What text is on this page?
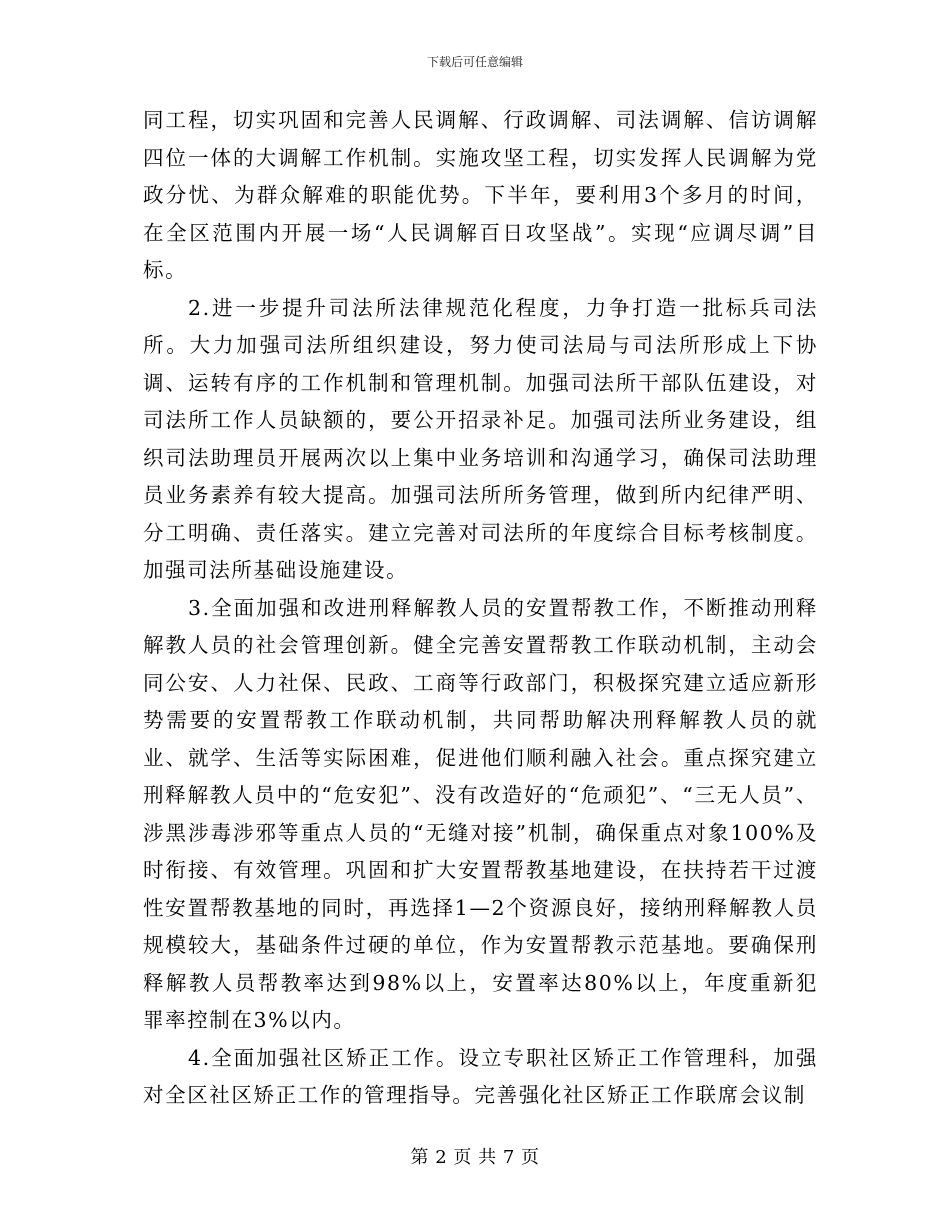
下载后可任意编辑

同工程，切实巩固和完善人民调解、行政调解、司法调解、信访调解四位一体的大调解工作机制。实施攻坚工程，切实发挥人民调解为党政分忧、为群众解难的职能优势。下半年，要利用3个多月的时间，在全区范围内开展一场“人民调解百日攻坚战”。实现“应调尽调”目标。

2.进一步提升司法所法律规范化程度，力争打造一批标兵司法所。大力加强司法所组织建设，努力使司法局与司法所形成上下协调、运转有序的工作机制和管理机制。加强司法所干部队伍建设，对司法所工作人员缺额的，要公开招录补足。加强司法所业务建设，组织司法助理员开展两次以上集中业务培训和沟通学习，确保司法助理员业务素养有较大提高。加强司法所所务管理，做到所内纪律严明、分工明确、责任落实。建立完善对司法所的年度综合目标考核制度。加强司法所基础设施建设。

3.全面加强和改进刑释解教人员的安置帮教工作，不断推动刑释解教人员的社会管理创新。健全完善安置帮教工作联动机制，主动会同公安、人力社保、民政、工商等行政部门，积极探究建立适应新形势需要的安置帮教工作联动机制，共同帮助解决刑释解教人员的就业、就学、生活等实际困难，促进他们顺利融入社会。重点探究建立刑释解教人员中的“危安犯”、没有改造好的“危顽犯”、“三无人员”、涉黑涉毒涉邪等重点人员的“无缝对接”机制，确保重点对象100%及时衔接、有效管理。巩固和扩大安置帮教基地建设，在扶持若干过渡性安置帮教基地的同时，再选择1—2个资源良好，接纳刑释解教人员规模较大，基础条件过硬的单位，作为安置帮教示范基地。要确保刑释解教人员帮教率达到98%以上，安置率达80%以上，年度重新犯罪率控制在3%以内。

4.全面加强社区矫正工作。设立专职社区矫正工作管理科，加强对全区社区矫正工作的管理指导。完善强化社区矫正工作联席会议制

第 2 页 共 7 页
